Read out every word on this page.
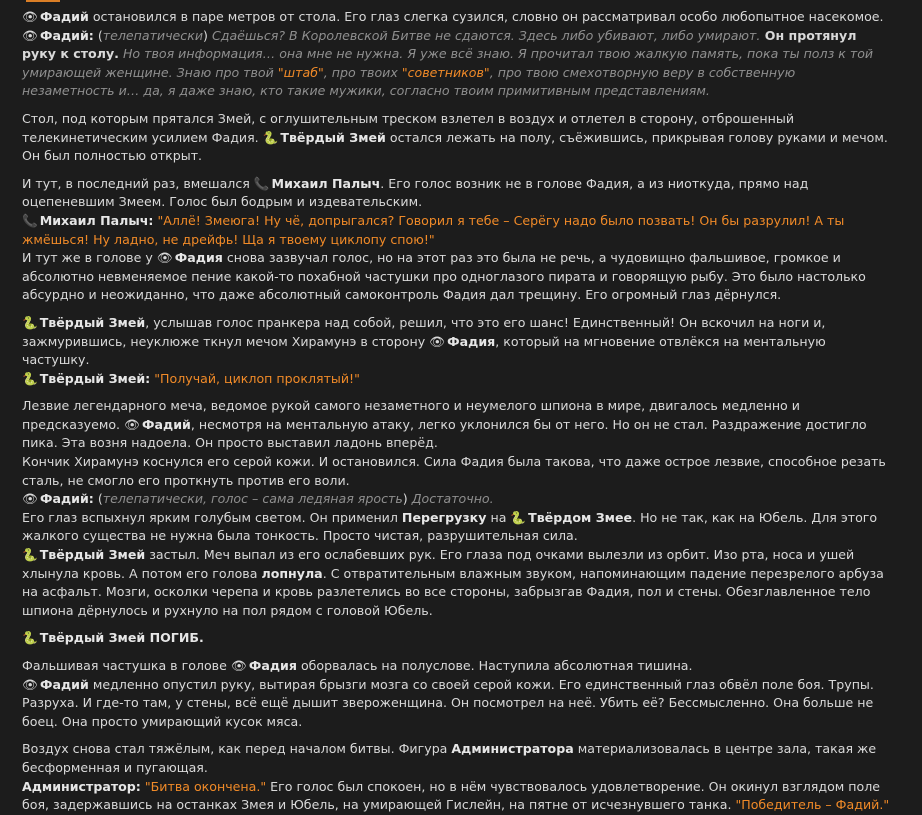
👁 Фадий остановился в паре метров от стола. Его глаз слегка сузился, словно он рассматривал особо любопытное насекомое.

👁 Фадий: (телепатически) Сдаёшься? В Королевской Битве не сдаются. Здесь либо убивают, либо умирают. Он протянул руку к столу. Но твоя информация… она мне не нужна. Я уже всё знаю. Я прочитал твою жалкую память, пока ты полз к той умирающей женщине. Знаю про твой "штаб", про твоих "советников", про твою смехотворную веру в собственную незаметность и… да, я даже знаю, кто такие мужики, согласно твоим примитивным представлениям.

Стол, под которым прятался Змей, с оглушительным треском взлетел в воздух и отлетел в сторону, отброшенный телекинетическим усилием Фадия. 🐍 Твёрдый Змей остался лежать на полу, съёжившись, прикрывая голову руками и мечом. Он был полностью открыт.

И тут, в последний раз, вмешался 📞 Михаил Палыч. Его голос возник не в голове Фадия, а из ниоткуда, прямо над оцепеневшим Змеем. Голос был бодрым и издевательским.

📞 Михаил Палыч: "Аллё! Змеюга! Ну чё, допрыгался? Говорил я тебе – Серёгу надо было позвать! Он бы разрулил! А ты жмёшься! Ну ладно, не дрейфь! Ща я твоему циклопу спою!"

И тут же в голове у 👁 Фадия снова зазвучал голос, но на этот раз это была не речь, а чудовищно фальшивое, громкое и абсолютно невменяемое пение какой-то похабной частушки про одноглазого пирата и говорящую рыбу. Это было настолько абсурдно и неожиданно, что даже абсолютный самоконтроль Фадия дал трещину. Его огромный глаз дёрнулся.

🐍 Твёрдый Змей, услышав голос пранкера над собой, решил, что это его шанс! Единственный! Он вскочил на ноги и, зажмурившись, неуклюже ткнул мечом Хирамунэ в сторону 👁 Фадия, который на мгновение отвлёкся на ментальную частушку.

🐍 Твёрдый Змей: "Получай, циклоп проклятый!"

Лезвие легендарного меча, ведомое рукой самого незаметного и неумелого шпиона в мире, двигалось медленно и предсказуемо. 👁 Фадий, несмотря на ментальную атаку, легко уклонился бы от него. Но он не стал. Раздражение достигло пика. Эта возня надоела. Он просто выставил ладонь вперёд.

Кончик Хирамунэ коснулся его серой кожи. И остановился. Сила Фадия была такова, что даже острое лезвие, способное резать сталь, не смогло его проткнуть против его воли.

👁 Фадий: (телепатически, голос – сама ледяная ярость) Достаточно.

Его глаз вспыхнул ярким голубым светом. Он применил Перегрузку на 🐍 Твёрдом Змее. Но не так, как на Юбель. Для этого жалкого существа не нужна была тонкость. Просто чистая, разрушительная сила.

🐍 Твёрдый Змей застыл. Меч выпал из его ослабевших рук. Его глаза под очками вылезли из орбит. Изо рта, носа и ушей хлынула кровь. А потом его голова лопнула. С отвратительным влажным звуком, напоминающим падение перезрелого арбуза на асфальт. Мозги, осколки черепа и кровь разлетелись во все стороны, забрызгав Фадия, пол и стены. Обезглавленное тело шпиона дёрнулось и рухнуло на пол рядом с головой Юбель.

🐍 Твёрдый Змей ПОГИБ.

Фальшивая частушка в голове 👁 Фадия оборвалась на полуслове. Наступила абсолютная тишина.

👁 Фадий медленно опустил руку, вытирая брызги мозга со своей серой кожи. Его единственный глаз обвёл поле боя. Трупы. Разруха. И где-то там, у стены, всё ещё дышит звероженщина. Он посмотрел на неё. Убить её? Бессмысленно. Она больше не боец. Она просто умирающий кусок мяса.

Воздух снова стал тяжёлым, как перед началом битвы. Фигура Администратора материализовалась в центре зала, такая же бесформенная и пугающая.

Администратор: "Битва окончена." Его голос был спокоен, но в нём чувствовалось удовлетворение. Он окинул взглядом поле боя, задержавшись на останках Змея и Юбель, на умирающей Гислейн, на пятне от исчезнувшего танка. "Победитель – Фадий."
